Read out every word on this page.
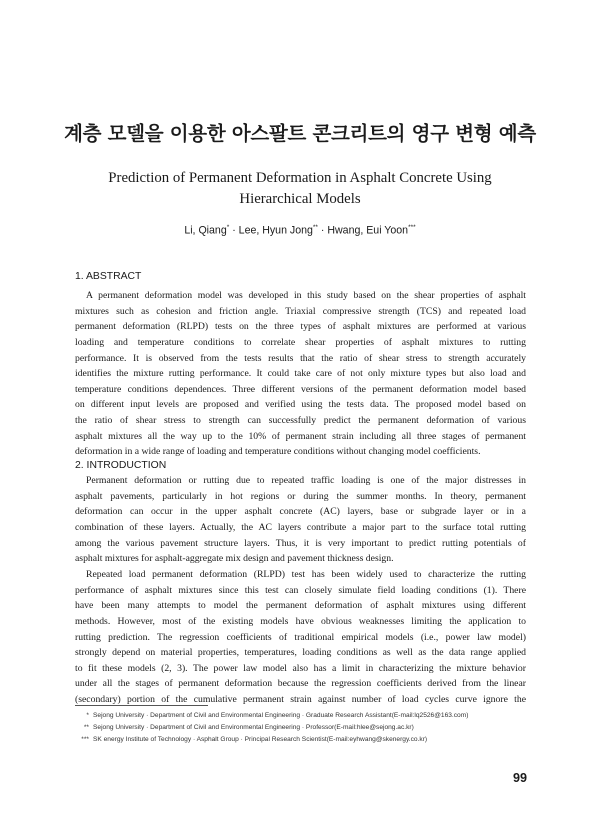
계층 모델을 이용한 아스팔트 콘크리트의 영구 변형 예측
Prediction of Permanent Deformation in Asphalt Concrete Using
Hierarchical Models
Li, Qiang* · Lee, Hyun Jong** · Hwang, Eui Yoon***
1. ABSTRACT
A permanent deformation model was developed in this study based on the shear properties of asphalt
mixtures such as cohesion and friction angle. Triaxial compressive strength (TCS) and repeated load
permanent deformation (RLPD) tests on the three types of asphalt mixtures are performed at various
loading and temperature conditions to correlate shear properties of asphalt mixtures to rutting
performance. It is observed from the tests results that the ratio of shear stress to strength accurately
identifies the mixture rutting performance. It could take care of not only mixture types but also load and
temperature conditions dependences. Three different versions of the permanent deformation model based
on different input levels are proposed and verified using the tests data. The proposed model based on
the ratio of shear stress to strength can successfully predict the permanent deformation of various
asphalt mixtures all the way up to the 10% of permanent strain including all three stages of permanent
deformation in a wide range of loading and temperature conditions without changing model coefficients.
2. INTRODUCTION
Permanent deformation or rutting due to repeated traffic loading is one of the major distresses in
asphalt pavements, particularly in hot regions or during the summer months. In theory, permanent
deformation can occur in the upper asphalt concrete (AC) layers, base or subgrade layer or in a
combination of these layers. Actually, the AC layers contribute a major part to the surface total rutting
among the various pavement structure layers. Thus, it is very important to predict rutting potentials of
asphalt mixtures for asphalt-aggregate mix design and pavement thickness design.
Repeated load permanent deformation (RLPD) test has been widely used to characterize the rutting
performance of asphalt mixtures since this test can closely simulate field loading conditions (1). There
have been many attempts to model the permanent deformation of asphalt mixtures using different
methods. However, most of the existing models have obvious weaknesses limiting the application to
rutting prediction. The regression coefficients of traditional empirical models (i.e., power law model)
strongly depend on material properties, temperatures, loading conditions as well as the data range applied
to fit these models (2, 3). The power law model also has a limit in characterizing the mixture behavior
under all the stages of permanent deformation because the regression coefficients derived from the linear
(secondary) portion of the cumulative permanent strain against number of load cycles curve ignore the
* Sejong University · Department of Civil and Environmental Engineering · Graduate Research Assistant(E-mail:lq2526@163.com)
** Sejong University · Department of Civil and Environmental Engineering · Professor(E-mail:hlee@sejong.ac.kr)
*** SK energy Institute of Technology · Asphalt Group · Principal Research Scientist(E-mail:eyhwang@skenergy.co.kr)
99
